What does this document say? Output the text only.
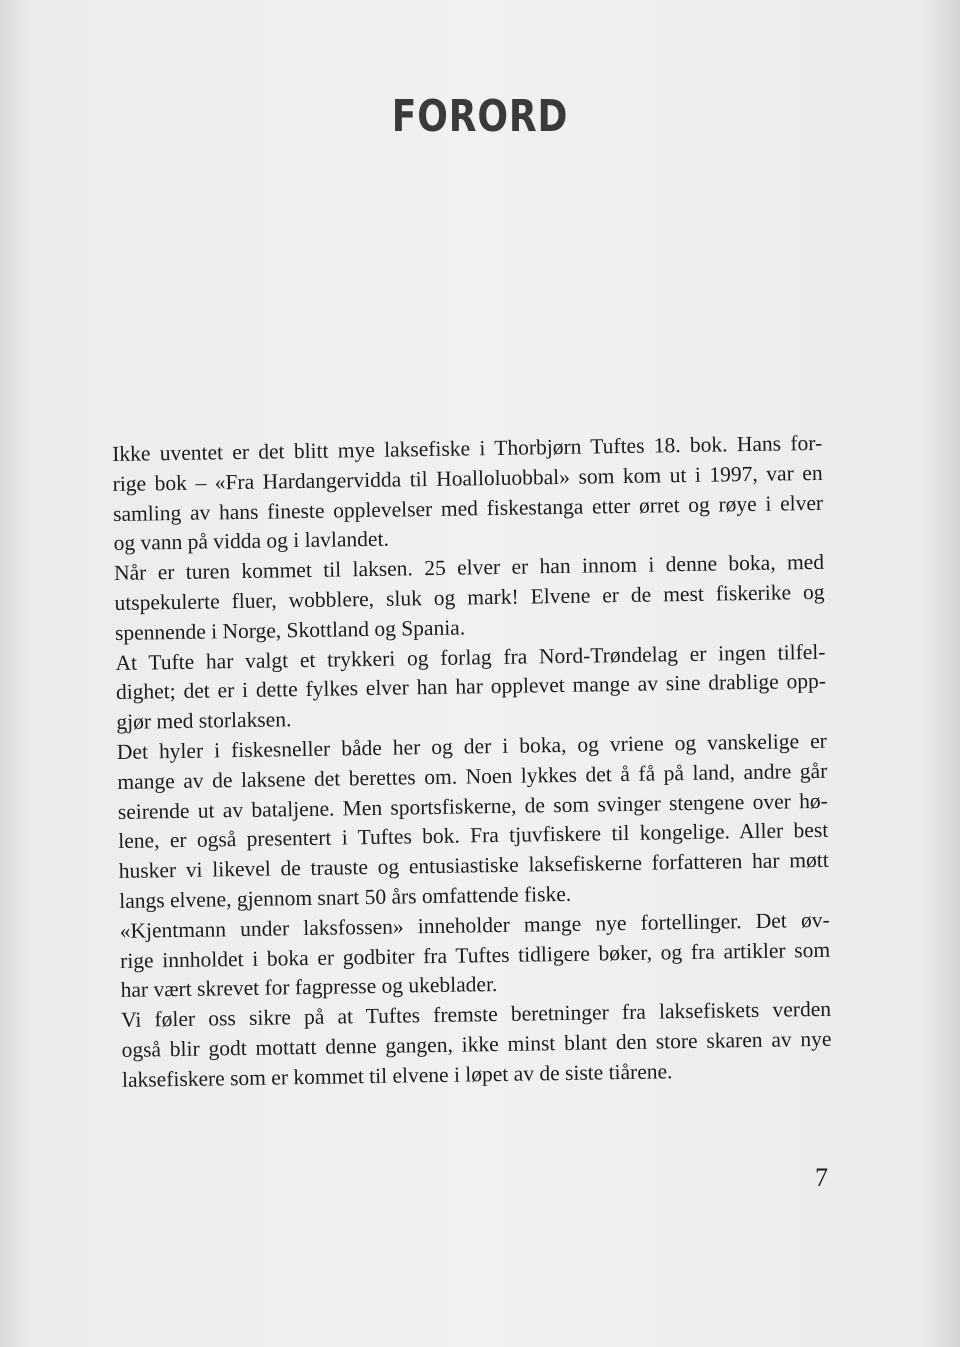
FORORD
Ikke uventet er det blitt mye laksefiske i Thorbjørn Tuftes 18. bok. Hans for-
rige bok – «Fra Hardangervidda til Hoalloluobbal» som kom ut i 1997, var en
samling av hans fineste opplevelser med fiskestanga etter ørret og røye i elver
og vann på vidda og i lavlandet.
Når er turen kommet til laksen. 25 elver er han innom i denne boka, med
utspekulerte fluer, wobblere, sluk og mark! Elvene er de mest fiskerike og
spennende i Norge, Skottland og Spania.
At Tufte har valgt et trykkeri og forlag fra Nord-Trøndelag er ingen tilfel-
dighet; det er i dette fylkes elver han har opplevet mange av sine drablige opp-
gjør med storlaksen.
Det hyler i fiskesneller både her og der i boka, og vriene og vanskelige er
mange av de laksene det berettes om. Noen lykkes det å få på land, andre går
seirende ut av bataljene. Men sportsfiskerne, de som svinger stengene over hø-
lene, er også presentert i Tuftes bok. Fra tjuvfiskere til kongelige. Aller best
husker vi likevel de trauste og entusiastiske laksefiskerne forfatteren har møtt
langs elvene, gjennom snart 50 års omfattende fiske.
«Kjentmann under laksfossen» inneholder mange nye fortellinger. Det øv-
rige innholdet i boka er godbiter fra Tuftes tidligere bøker, og fra artikler som
har vært skrevet for fagpresse og ukeblader.
Vi føler oss sikre på at Tuftes fremste beretninger fra laksefiskets verden
også blir godt mottatt denne gangen, ikke minst blant den store skaren av nye
laksefiskere som er kommet til elvene i løpet av de siste tiårene.
7
